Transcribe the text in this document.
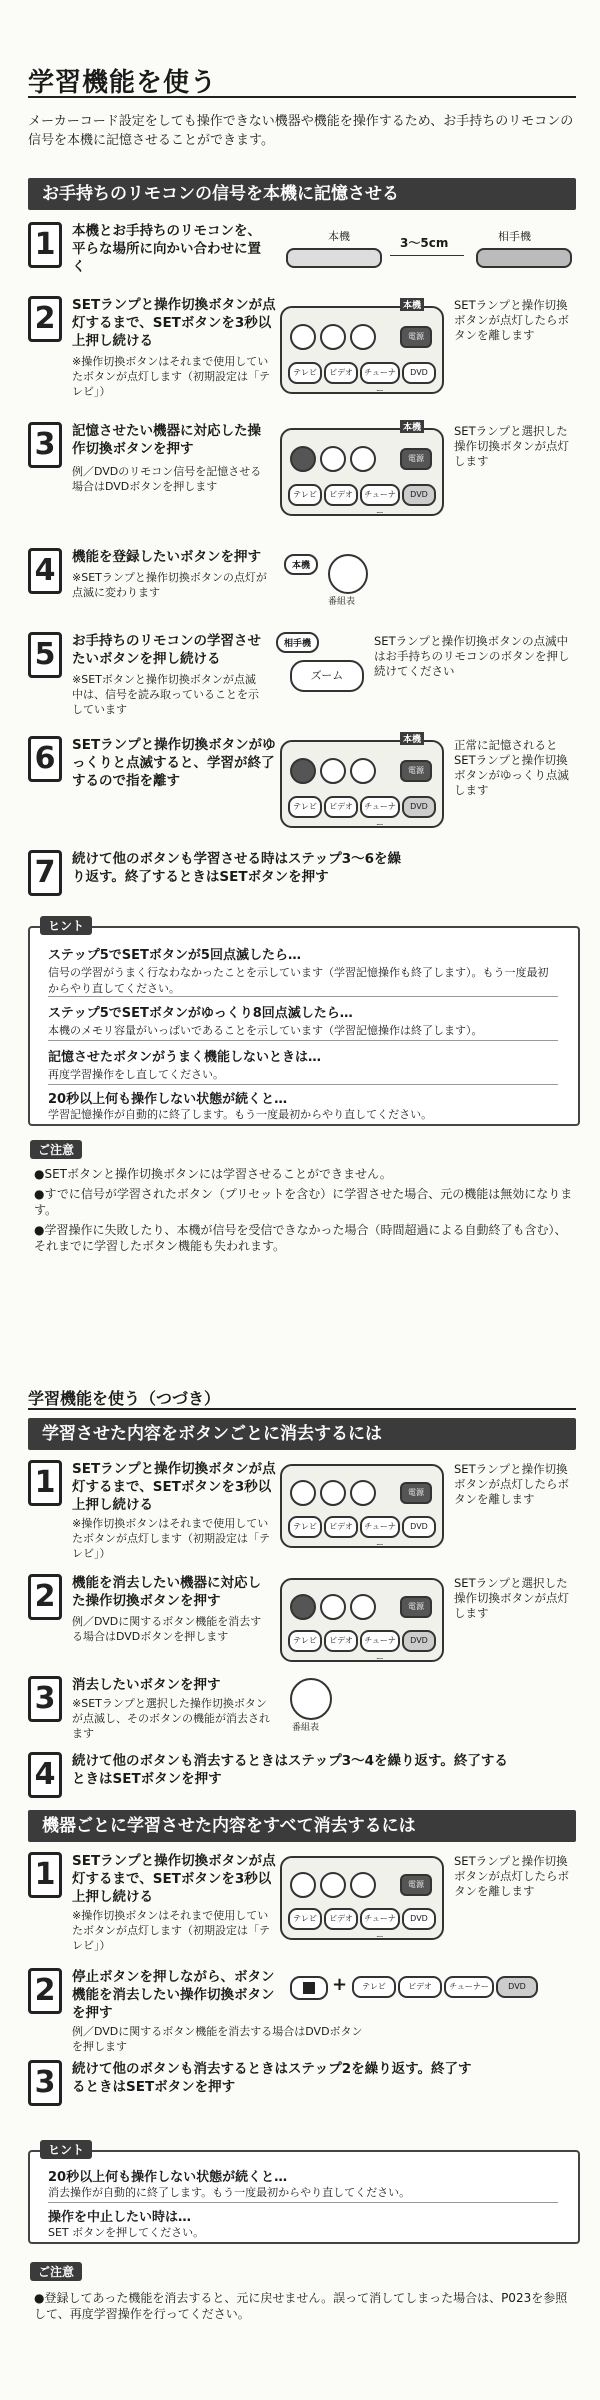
学習機能を使う
メーカーコード設定をしても操作できない機器や機能を操作するため、お手持ちのリモコンの信号を本機に記憶させることができます。
お手持ちのリモコンの信号を本機に記憶させる
1	本機とお手持ちのリモコンを、平らな場所に向かい合わせに置く
本機	3〜5cm	相手機
2	SETランプと操作切換ボタンが点灯するまで、SETボタンを3秒以上押し続ける
※操作切換ボタンはそれまで使用していたボタンが点灯します（初期設定は「テレビ」）
本機
電源
テレビ	ビデオ	チューナー
DVD
SETランプと操作切換ボタンが点灯したらボタンを離します
3	記憶させたい機器に対応した操作切換ボタンを押す
例／DVDのリモコン信号を記憶させる場合はDVDボタンを押します
本機
電源
テレビ	ビデオ	チューナー
DVD
SETランプと選択した操作切換ボタンが点灯します
4	機能を登録したいボタンを押す
※SETランプと操作切換ボタンの点灯が点滅に変わります
本機
番組表
5	お手持ちのリモコンの学習させたいボタンを押し続ける
※SETボタンと操作切換ボタンが点滅中は、信号を読み取っていることを示しています
相手機
ズーム
SETランプと操作切換ボタンの点滅中はお手持ちのリモコンのボタンを押し続けてください
6	SETランプと操作切換ボタンがゆっくりと点滅すると、学習が終了するので指を離す
本機
電源
テレビ	ビデオ	チューナー
DVD
正常に記憶されるとSETランプと操作切換ボタンがゆっくり点滅します
7	続けて他のボタンも学習させる時はステップ3〜6を繰り返す。終了するときはSETボタンを押す
ヒント
ステップ5でSETボタンが5回点滅したら…
信号の学習がうまく行なわなかったことを示しています（学習記憶操作も終了します）。もう一度最初からやり直してください。
ステップ5でSETボタンがゆっくり8回点滅したら…
本機のメモリ容量がいっぱいであることを示しています（学習記憶操作は終了します）。
記憶させたボタンがうまく機能しないときは…
再度学習操作をし直してください。
20秒以上何も操作しない状態が続くと…
学習記憶操作が自動的に終了します。もう一度最初からやり直してください。
ご注意
●SETボタンと操作切換ボタンには学習させることができません。
●すでに信号が学習されたボタン（プリセットを含む）に学習させた場合、元の機能は無効になります。
●学習操作に失敗したり、本機が信号を受信できなかった場合（時間超過による自動終了も含む）、それまでに学習したボタン機能も失われます。
学習機能を使う（つづき）
学習させた内容をボタンごとに消去するには
1	SETランプと操作切換ボタンが点灯するまで、SETボタンを3秒以上押し続ける
※操作切換ボタンはそれまで使用していたボタンが点灯します（初期設定は「テレビ」）
電源
テレビ	ビデオ	チューナー
DVD
SETランプと操作切換ボタンが点灯したらボタンを離します
2	機能を消去したい機器に対応した操作切換ボタンを押す
例／DVDに関するボタン機能を消去する場合はDVDボタンを押します
電源
テレビ	ビデオ	チューナー
DVD
SETランプと選択した操作切換ボタンが点灯します
3	消去したいボタンを押す
※SETランプと選択した操作切換ボタンが点滅し、そのボタンの機能が消去されます	番組表
4	続けて他のボタンも消去するときはステップ3〜4を繰り返す。終了するときはSETボタンを押す
機器ごとに学習させた内容をすべて消去するには
1	SETランプと操作切換ボタンが点灯するまで、SETボタンを3秒以上押し続ける
※操作切換ボタンはそれまで使用していたボタンが点灯します（初期設定は「テレビ」）
電源
テレビ	ビデオ	チューナー
DVD
SETランプと操作切換ボタンが点灯したらボタンを離します
2	停止ボタンを押しながら、ボタン機能を消去したい操作切換ボタンを押す
例／DVDに関するボタン機能を消去する場合はDVDボタンを押します
+	テレビ	ビデオ	チューナー	DVD
3	続けて他のボタンも消去するときはステップ2を繰り返す。終了するときはSETボタンを押す
ヒント
20秒以上何も操作しない状態が続くと…
消去操作が自動的に終了します。もう一度最初からやり直してください。
操作を中止したい時は…
SET ボタンを押してください。
ご注意
●登録してあった機能を消去すると、元に戻せません。誤って消してしまった場合は、P023を参照して、再度学習操作を行ってください。
